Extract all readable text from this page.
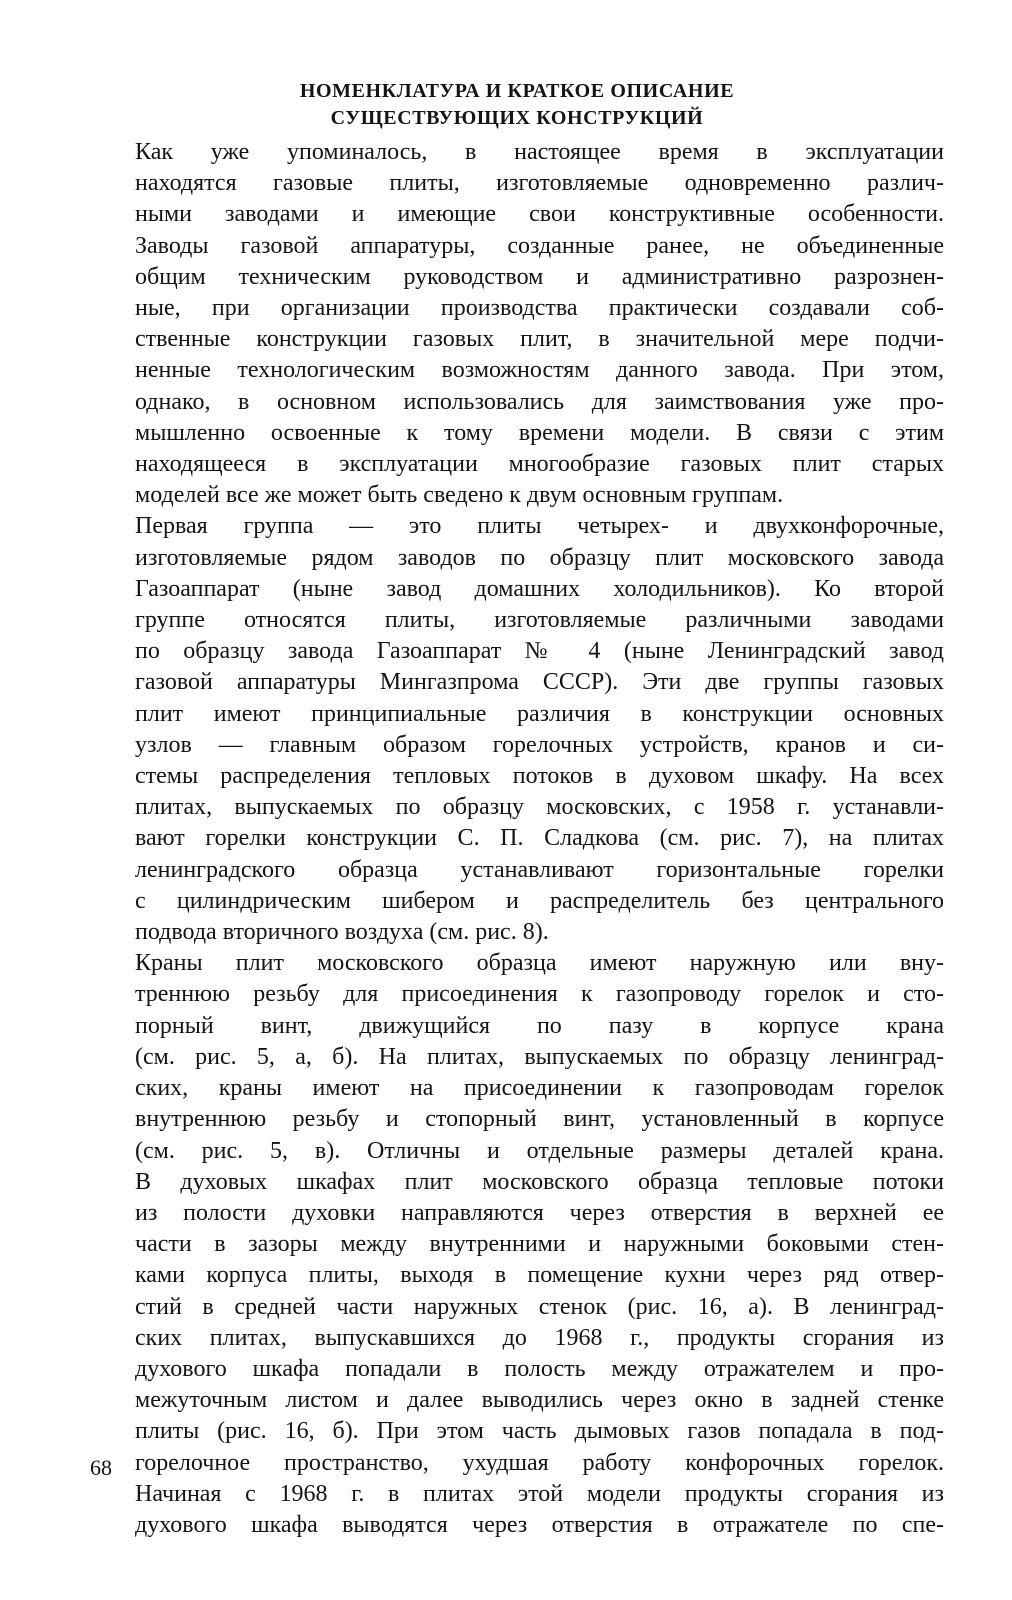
НОМЕНКЛАТУРА И КРАТКОЕ ОПИСАНИЕ
СУЩЕСТВУЮЩИХ КОНСТРУКЦИЙ

Как уже упоминалось, в настоящее время в эксплуатации
находятся газовые плиты, изготовляемые одновременно различ-
ными заводами и имеющие свои конструктивные особенности.
Заводы газовой аппаратуры, созданные ранее, не объединенные
общим техническим руководством и административно разрознен-
ные, при организации производства практически создавали соб-
ственные конструкции газовых плит, в значительной мере подчи-
ненные технологическим возможностям данного завода. При этом,
однако, в основном использовались для заимствования уже про-
мышленно освоенные к тому времени модели. В связи с этим
находящееся в эксплуатации многообразие газовых плит старых
моделей все же может быть сведено к двум основным группам.

Первая группа — это плиты четырех- и двухконфорочные,
изготовляемые рядом заводов по образцу плит московского завода
Газоаппарат (ныне завод домашних холодильников). Ко второй
группе относятся плиты, изготовляемые различными заводами
по образцу завода Газоаппарат № 4 (ныне Ленинградский завод
газовой аппаратуры Мингазпрома СССР). Эти две группы газовых
плит имеют принципиальные различия в конструкции основных
узлов — главным образом горелочных устройств, кранов и си-
стемы распределения тепловых потоков в духовом шкафу. На всех
плитах, выпускаемых по образцу московских, с 1958 г. устанавли-
вают горелки конструкции С. П. Сладкова (см. рис. 7), на плитах
ленинградского образца устанавливают горизонтальные горелки
с цилиндрическим шибером и распределитель без центрального
подвода вторичного воздуха (см. рис. 8).

Краны плит московского образца имеют наружную или вну-
треннюю резьбу для присоединения к газопроводу горелок и сто-
порный винт, движущийся по пазу в корпусе крана
(см. рис. 5, а, б). На плитах, выпускаемых по образцу ленинград-
ских, краны имеют на присоединении к газопроводам горелок
внутреннюю резьбу и стопорный винт, установленный в корпусе
(см. рис. 5, в). Отличны и отдельные размеры деталей крана.
В духовых шкафах плит московского образца тепловые потоки
из полости духовки направляются через отверстия в верхней ее
части в зазоры между внутренними и наружными боковыми стен-
ками корпуса плиты, выходя в помещение кухни через ряд отвер-
стий в средней части наружных стенок (рис. 16, а). В ленинград-
ских плитах, выпускавшихся до 1968 г., продукты сгорания из
духового шкафа попадали в полость между отражателем и про-
межуточным листом и далее выводились через окно в задней стенке
плиты (рис. 16, б). При этом часть дымовых газов попадала в под-
горелочное пространство, ухудшая работу конфорочных горелок.
Начиная с 1968 г. в плитах этой модели продукты сгорания из
духового шкафа выводятся через отверстия в отражателе по спе-

68
